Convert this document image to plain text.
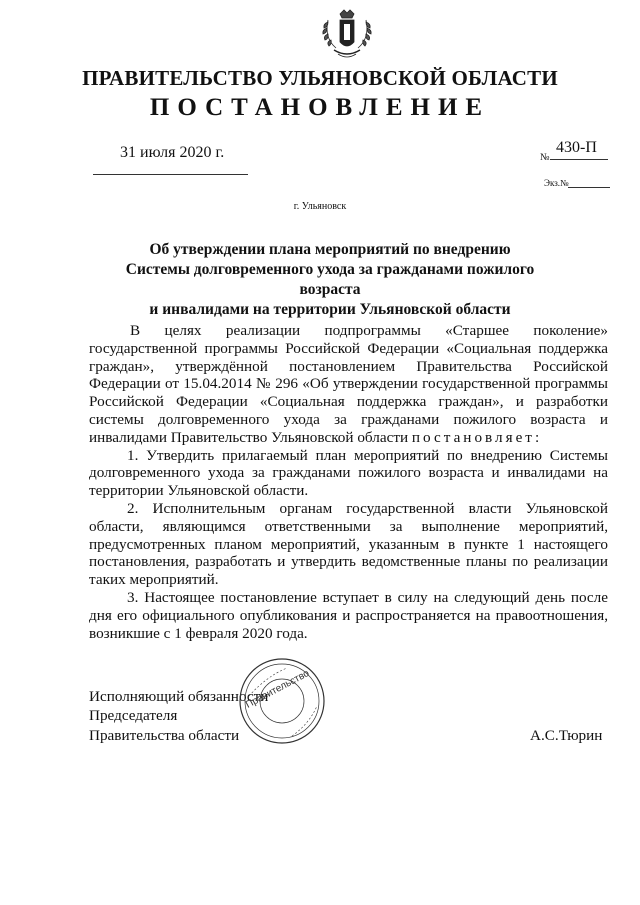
ПРАВИТЕЛЬСТВО УЛЬЯНОВСКОЙ ОБЛАСТИ
ПОСТАНОВЛЕНИЕ
31 июля 2020 г.	№
430-П
Экз.№
г. Ульяновск
Об утверждении плана мероприятий по внедрению
Системы долговременного ухода за гражданами пожилого возраста
и инвалидами на территории Ульяновской области

В целях реализации подпрограммы «Старшее поколение» государственной программы Российской Федерации «Социальная поддержка граждан», утверждённой постановлением Правительства Российской Федерации от 15.04.2014 № 296 «Об утверждении государственной программы Российской Федерации «Социальная поддержка граждан», и разработки системы долговременного ухода за гражданами пожилого возраста и инвалидами Правительство Ульяновской области постановляет:

1. Утвердить прилагаемый план мероприятий по внедрению Системы долговременного ухода за гражданами пожилого возраста и инвалидами на территории Ульяновской области.

2. Исполнительным органам государственной власти Ульяновской области, являющимся ответственными за выполнение мероприятий, предусмотренных планом мероприятий, указанным в пункте 1 настоящего постановления, разработать и утвердить ведомственные планы по реализации таких мероприятий.

3. Настоящее постановление вступает в силу на следующий день после дня его официального опубликования и распространяется на правоотношения, возникшие с 1 февраля 2020 года.

Исполняющий обязанности
Председателя
Правительства области	А.С.Тюрин
Правительство
